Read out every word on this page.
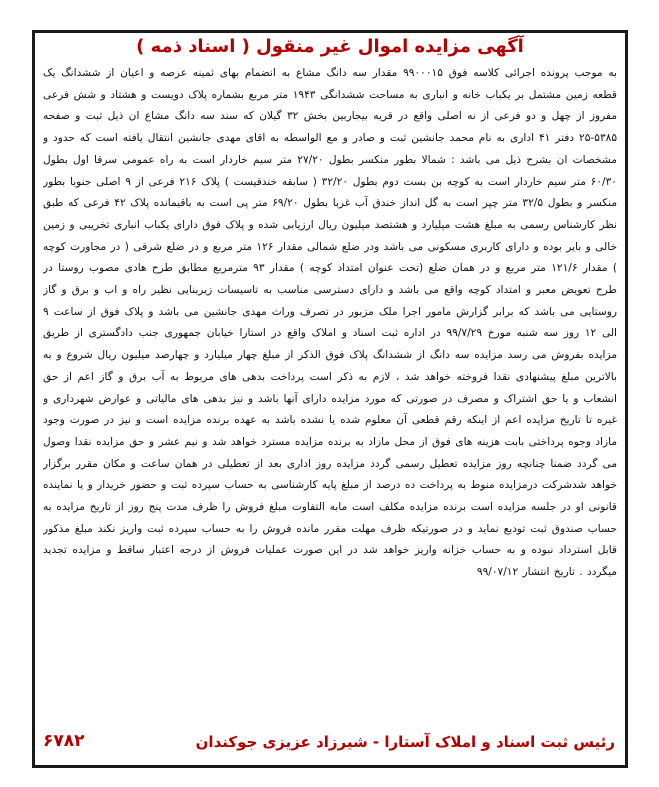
آگهی مزایده اموال غیر منقول ( اسناد ذمه )
به موجب پرونده اجرائی کلاسه فوق ۹۹۰۰۰۱۵ مقدار سه دانگ مشاع به انضمام بهای ثمینه عرصه و اعیان از ششدانگ یک قطعه زمین مشتمل بر یکباب خانه و انباری به مساحت ششدانگی ۱۹۴۳ متر مربع بشماره پلاک دویست و هشتاد و شش فرعی مفروز از چهل و دو فرعی از نه اصلی واقع در قریه بیجاربین بخش ۳۲ گیلان که سند سه دانگ مشاع ان ذیل ثبت و صفحه ۵۳۸۵-۲۵ دفتر ۴۱ اداری به نام محمد جانشین ثبت و صادر و مع الواسطه به اقای مهدی جانشین انتقال یافته است که حدود و مشخصات ان بشرح ذیل می باشد : شمالا بطور منکسر بطول ۲۷/۲۰ متر سیم خاردار است به راه عمومی سرقا اول بطول ۶۰/۳۰ متر سیم خاردار است به کوچه بن بست دوم بطول ۳۲/۲۰ ( سابقه خندقیست ) پلاک ۲۱۶ فرعی از ۹ اصلی جنوبا بطور منکسر و بطول ۳۲/۵ متر چپر است به گل انداز خندق آب غربا بطول ۶۹/۲۰ متر پی است به باقیمانده پلاک ۴۲ فرعی که طبق نظر کارشناس رسمی به مبلغ هشت میلیارد و هشتصد میلیون ریال ارزیابی شده و پلاک فوق دارای یکباب انباری تخریبی و زمین خالی و بایر بوده و دارای کاربری مسکونی می باشد ودر ضلع شمالی مقدار ۱۲۶ متر مربع و در ضلع شرقی ( در مجاورت کوچه ) مقدار ۱۲۱/۶ متر مربع و در همان ضلع (تحت عنوان امتداد کوچه ) مقدار ۹۳ مترمربع مطابق طرح هادی مصوب روستا در طرح تعویض معبر و امتداد کوچه واقع می باشد و دارای دسترسی مناسب به تاسیسات زیربنایی نظیر راه و اب و برق و گاز روستایی می باشد که برابر گزارش مامور اجرا ملک مزبور در تصرف وراث مهدی جانشین می باشد و پلاک فوق از ساعت ۹ الی ۱۲ روز سه شنبه مورخ ۹۹/۷/۲۹ در اداره ثبت اسناد و املاک واقع در استارا خیابان جمهوری جنب دادگستری از طریق مزایده بفروش می رسد مزایده سه دانگ از ششدانگ پلاک فوق الذکر از مبلغ چهار میلیارد و چهارصد میلیون ریال شروع و به بالاترین مبلغ پیشنهادی نقدا فروخته خواهد شد ، لازم به ذکر است پرداخت بدهی های مربوط به آب برق و گاز اعم از حق انشعاب و یا حق اشتراک و مصرف در صورتی که مورد مزایده دارای آنها باشد و نیز بدهی های مالیاتی و عوارض شهرداری و غیره تا تاریخ مزایده اعم از اینکه رقم قطعی آن معلوم شده یا نشده باشد به عهده برنده مزایده است و نیز در صورت وجود مازاد وجوه پرداختی بابت هزینه های فوق از محل مازاد به برنده مزایده مسترد خواهد شد و نیم عشر و حق مزایده نقدا وصول می گردد ضمنا چنانچه روز مزایده تعطیل رسمی گردد مزایده روز اداری بعد از تعطیلی در همان ساعت و مکان مقرر برگزار خواهد شدشرکت درمزایده منوط به پرداخت ده درصد از مبلغ پایه کارشناسی به حساب سپرده ثبت و حضور خریدار و یا نماینده قانونی او در جلسه مزایده است برنده مزایده مکلف است مابه التفاوت مبلغ فروش را ظرف مدت پنج روز از تاریخ مزایده به حساب صندوق ثبت تودیع نماید و در صورتیکه ظرف مهلت مقرر مانده فروش را به حساب سپرده ثبت واریز نکند مبلغ مذکور قابل استرداد نبوده و به حساب خزانه واریز خواهد شد در این صورت عملیات فروش از درجه اعتبار ساقط و مزایده تجدید میگردد . تاریخ انتشار ۹۹/۰۷/۱۲
رئیس ثبت اسناد و املاک آستارا - شیرزاد عزیزی جوکندان
۶۷۸۲
